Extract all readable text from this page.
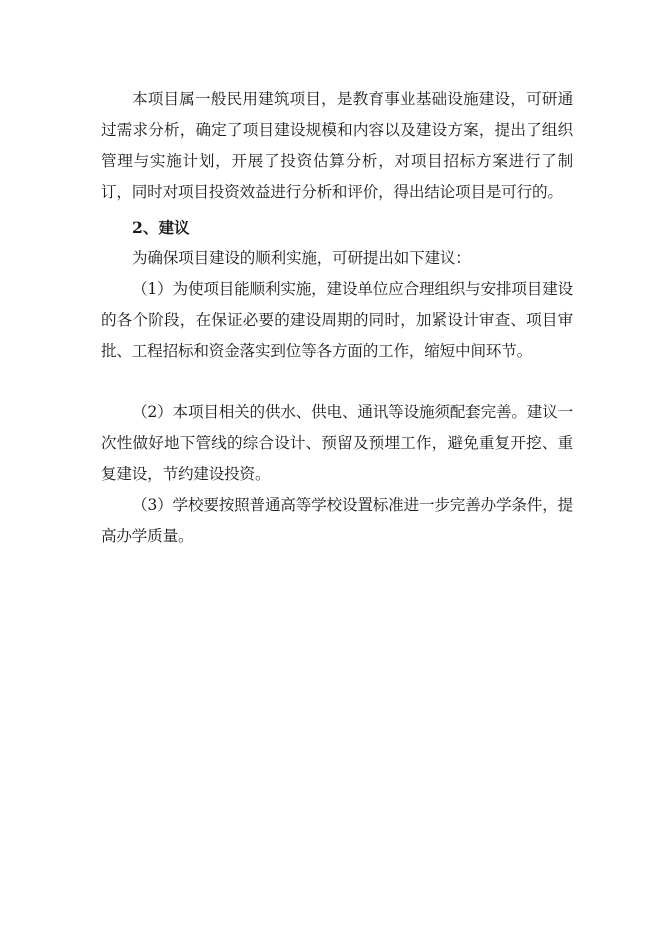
本项目属一般民用建筑项目，是教育事业基础设施建设，可研通过需求分析，确定了项目建设规模和内容以及建设方案，提出了组织管理与实施计划，开展了投资估算分析，对项目招标方案进行了制订，同时对项目投资效益进行分析和评价，得出结论项目是可行的。

2、建议

为确保项目建设的顺利实施，可研提出如下建议：

（1）为使项目能顺利实施，建设单位应合理组织与安排项目建设的各个阶段，在保证必要的建设周期的同时，加紧设计审查、项目审批、工程招标和资金落实到位等各方面的工作，缩短中间环节。

（2）本项目相关的供水、供电、通讯等设施须配套完善。建议一次性做好地下管线的综合设计、预留及预埋工作，避免重复开挖、重复建设，节约建设投资。

（3）学校要按照普通高等学校设置标准进一步完善办学条件，提高办学质量。
